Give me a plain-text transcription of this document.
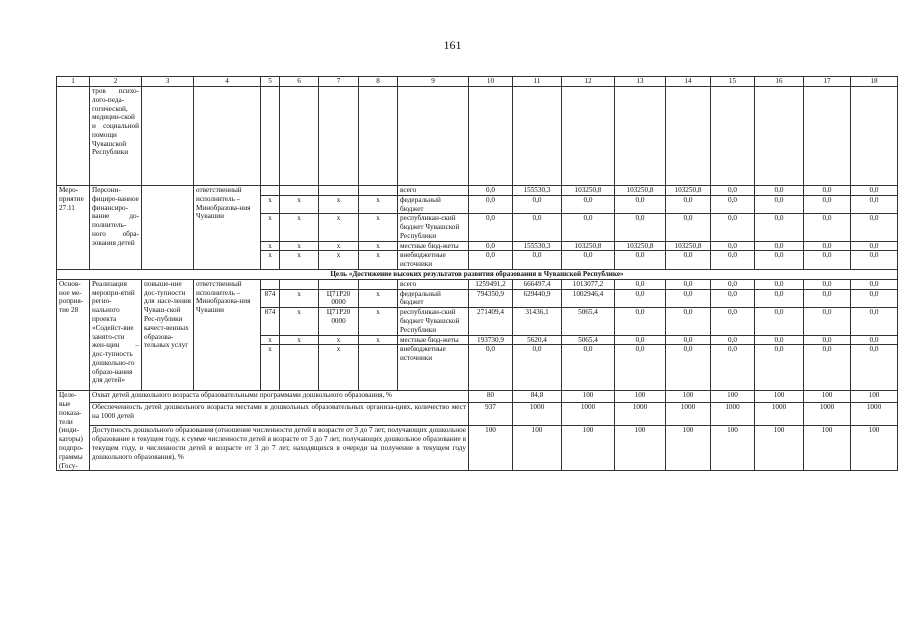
161
1	2	3	4	5	6	7	8	9	10	11	12	13	14	15	16	17	18
	тров психо-лого-педа-гогической, медицин-ской и социальной помощи Чувашской Республики																
Меро-приятие 27.11	Персони-фицирo-ванное финансиро-вание до-полнитель-ного обра-зования детей		ответственный исполнитель – Минобразова-ния Чувашии					всего	0,0	155530,3	103250,8	103250,8	103250,8	0,0	0,0	0,0	0,0
				х	х	х	х	федеральный бюджет	0,0	0,0	0,0	0,0	0,0	0,0	0,0	0,0	0,0
				х	х	х	х	республикан-ский бюджет Чувашской Республики	0,0	0,0	0,0	0,0	0,0	0,0	0,0	0,0	0,0
				х	х	х	х	местные бюд-жеты	0,0	155530,3	103250,8	103250,8	103250,8	0,0	0,0	0,0	0,0
				х	х	х	х	внебюджетные источники	0,0	0,0	0,0	0,0	0,0	0,0	0,0	0,0	0,0
Цель «Достижение высоких результатов развития образования в Чувашской Республике»																	
Основ-ное ме-роприя-тие 28	Реализация меропри-ятий регио-нального проекта «Содейст-вие занято-сти жен-щин – дос-тупность дошкольно-го образо-вания для детей»	повыше-ние дос-тупности для насе-ления Чуваш-ской Рес-публики качест-венных образова-тельных услуг	ответственный исполнитель – Минобразова-ния Чувашии					всего	1259491,2	666497,4	1013077,2	0,0	0,0	0,0	0,0	0,0	0,0
				874	х	Ц71Р20 0000	х	федеральный бюджет	794350,9	629440,9	1002946,4	0,0	0,0	0,0	0,0	0,0	0,0
				874	х	Ц71Р20 0000	х	республикан-ский бюджет Чувашской Республики	271409,4	31436,1	5065,4	0,0	0,0	0,0	0,0	0,0	0,0
				х	х	х	х	местные бюд-жеты	193730,9	5620,4	5065,4	0,0	0,0	0,0	0,0	0,0	0,0
				х		х		внебюджетные источники	0,0	0,0	0,0	0,0	0,0	0,0	0,0	0,0	0,0
Целе-вые показа-тели (инди-каторы) подпро-граммы (Госу-	Охват детей дошкольного возраста образовательными программами дошкольного образования, %								80	84,8	100	100	100	100	100	100	100
	Обеспеченность детей дошкольного возраста местами в дошкольных образовательных организа-циях, количество мест на 1000 детей								937	1000	1000	1000	1000	1000	1000	1000	1000
	Доступность дошкольного образования (отношение численности детей в возрасте от 3 до 7 лет, получающих дошкольное образование в текущем году, к сумме численности детей в возрасте от 3 до 7 лет, получающих дошкольное образование в текущем году, и численности детей в возрасте от 3 до 7 лет, находящихся в очереди на получение в текущем году дошкольного образования), %								100	100	100	100	100	100	100	100	100
